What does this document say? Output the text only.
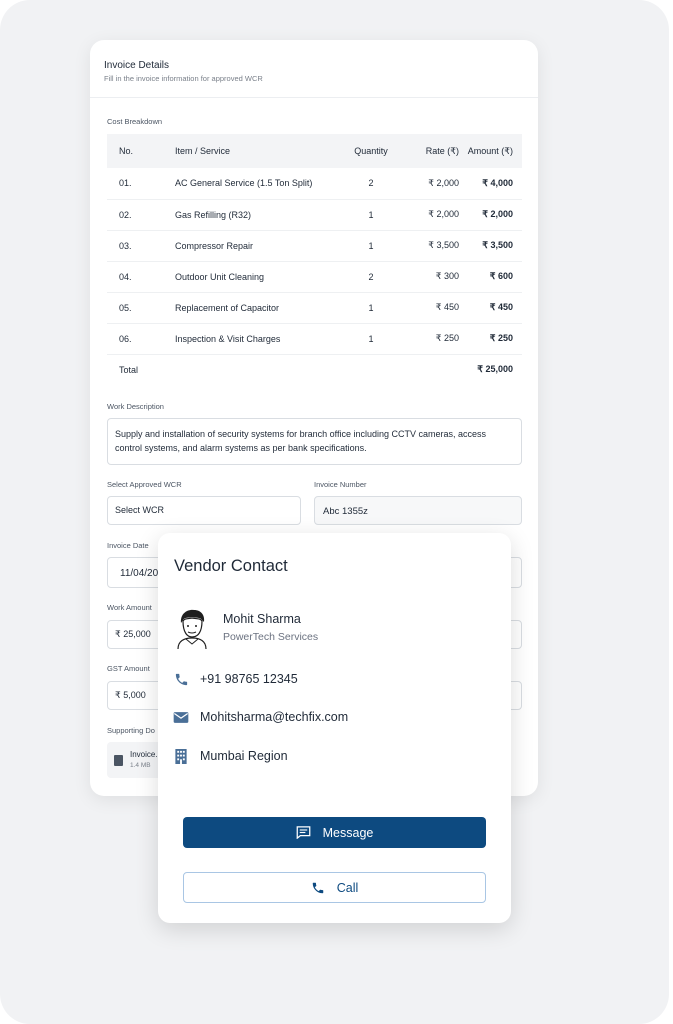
Invoice Details
Fill in the invoice information for approved WCR
Cost Breakdown
No.	Item / Service	Quantity	Rate (₹)	Amount (₹)
01.	AC General Service (1.5 Ton Split)	2	₹ 2,000	₹ 4,000
02.	Gas Refilling (R32)	1	₹ 2,000	₹ 2,000
03.	Compressor Repair	1	₹ 3,500	₹ 3,500
04.	Outdoor Unit Cleaning	2	₹ 300	₹ 600
05.	Replacement of Capacitor	1	₹ 450	₹ 450
06.	Inspection & Visit Charges	1	₹ 250	₹ 250
Total				₹ 25,000
Work Description
Supply and installation of security systems for branch office including CCTV cameras, access control systems, and alarm systems as per bank specifications.
Select Approved WCR
Select WCR
Invoice Number
Abc 1355z
Invoice Date
11/04/20
Work Amount
₹ 25,000
GST Amount
₹ 5,000
Supporting Do
Invoice.
1.4 MB
Vendor Contact
Mohit Sharma
PowerTech Services
+91 98765 12345
Mohitsharma@techfix.com
Mumbai Region
Message
Call
